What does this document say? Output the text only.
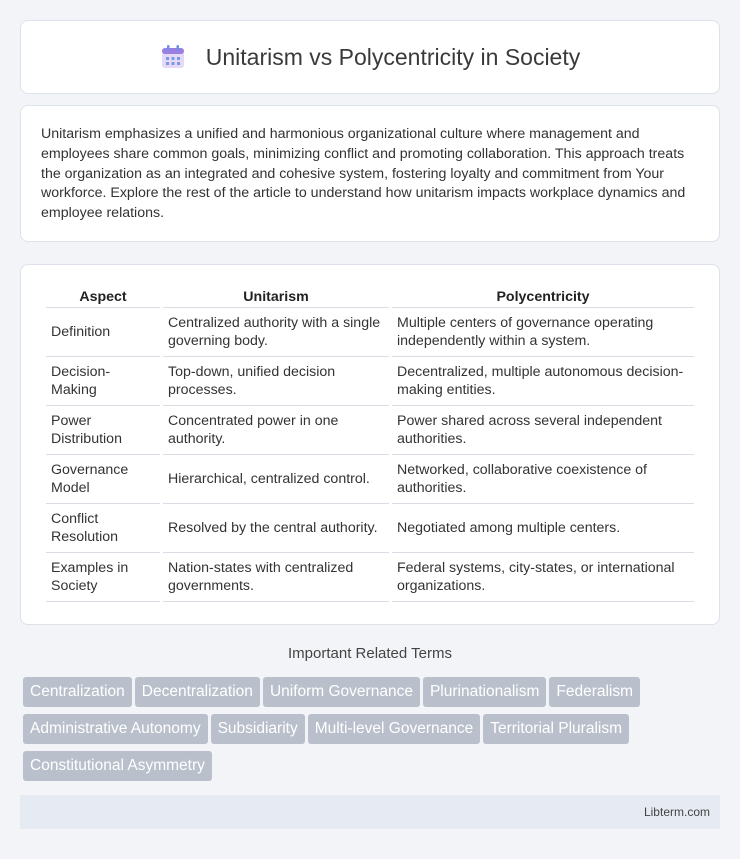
Unitarism vs Polycentricity in Society

Unitarism emphasizes a unified and harmonious organizational culture where management and employees share common goals, minimizing conflict and promoting collaboration. This approach treats the organization as an integrated and cohesive system, fostering loyalty and commitment from Your workforce. Explore the rest of the article to understand how unitarism impacts workplace dynamics and employee relations.

Aspect	Unitarism	Polycentricity
Definition	Centralized authority with a single governing body.	Multiple centers of governance operating independently within a system.
Decision-Making	Top-down, unified decision processes.	Decentralized, multiple autonomous decision-making entities.
Power Distribution	Concentrated power in one authority.	Power shared across several independent authorities.
Governance Model	Hierarchical, centralized control.	Networked, collaborative coexistence of authorities.
Conflict Resolution	Resolved by the central authority.	Negotiated among multiple centers.
Examples in Society	Nation-states with centralized governments.	Federal systems, city-states, or international organizations.
Important Related Terms
Centralization Decentralization Uniform Governance Plurinationalism Federalism
Administrative Autonomy Subsidiarity Multi-level Governance Territorial Pluralism
Constitutional Asymmetry
Libterm.com
